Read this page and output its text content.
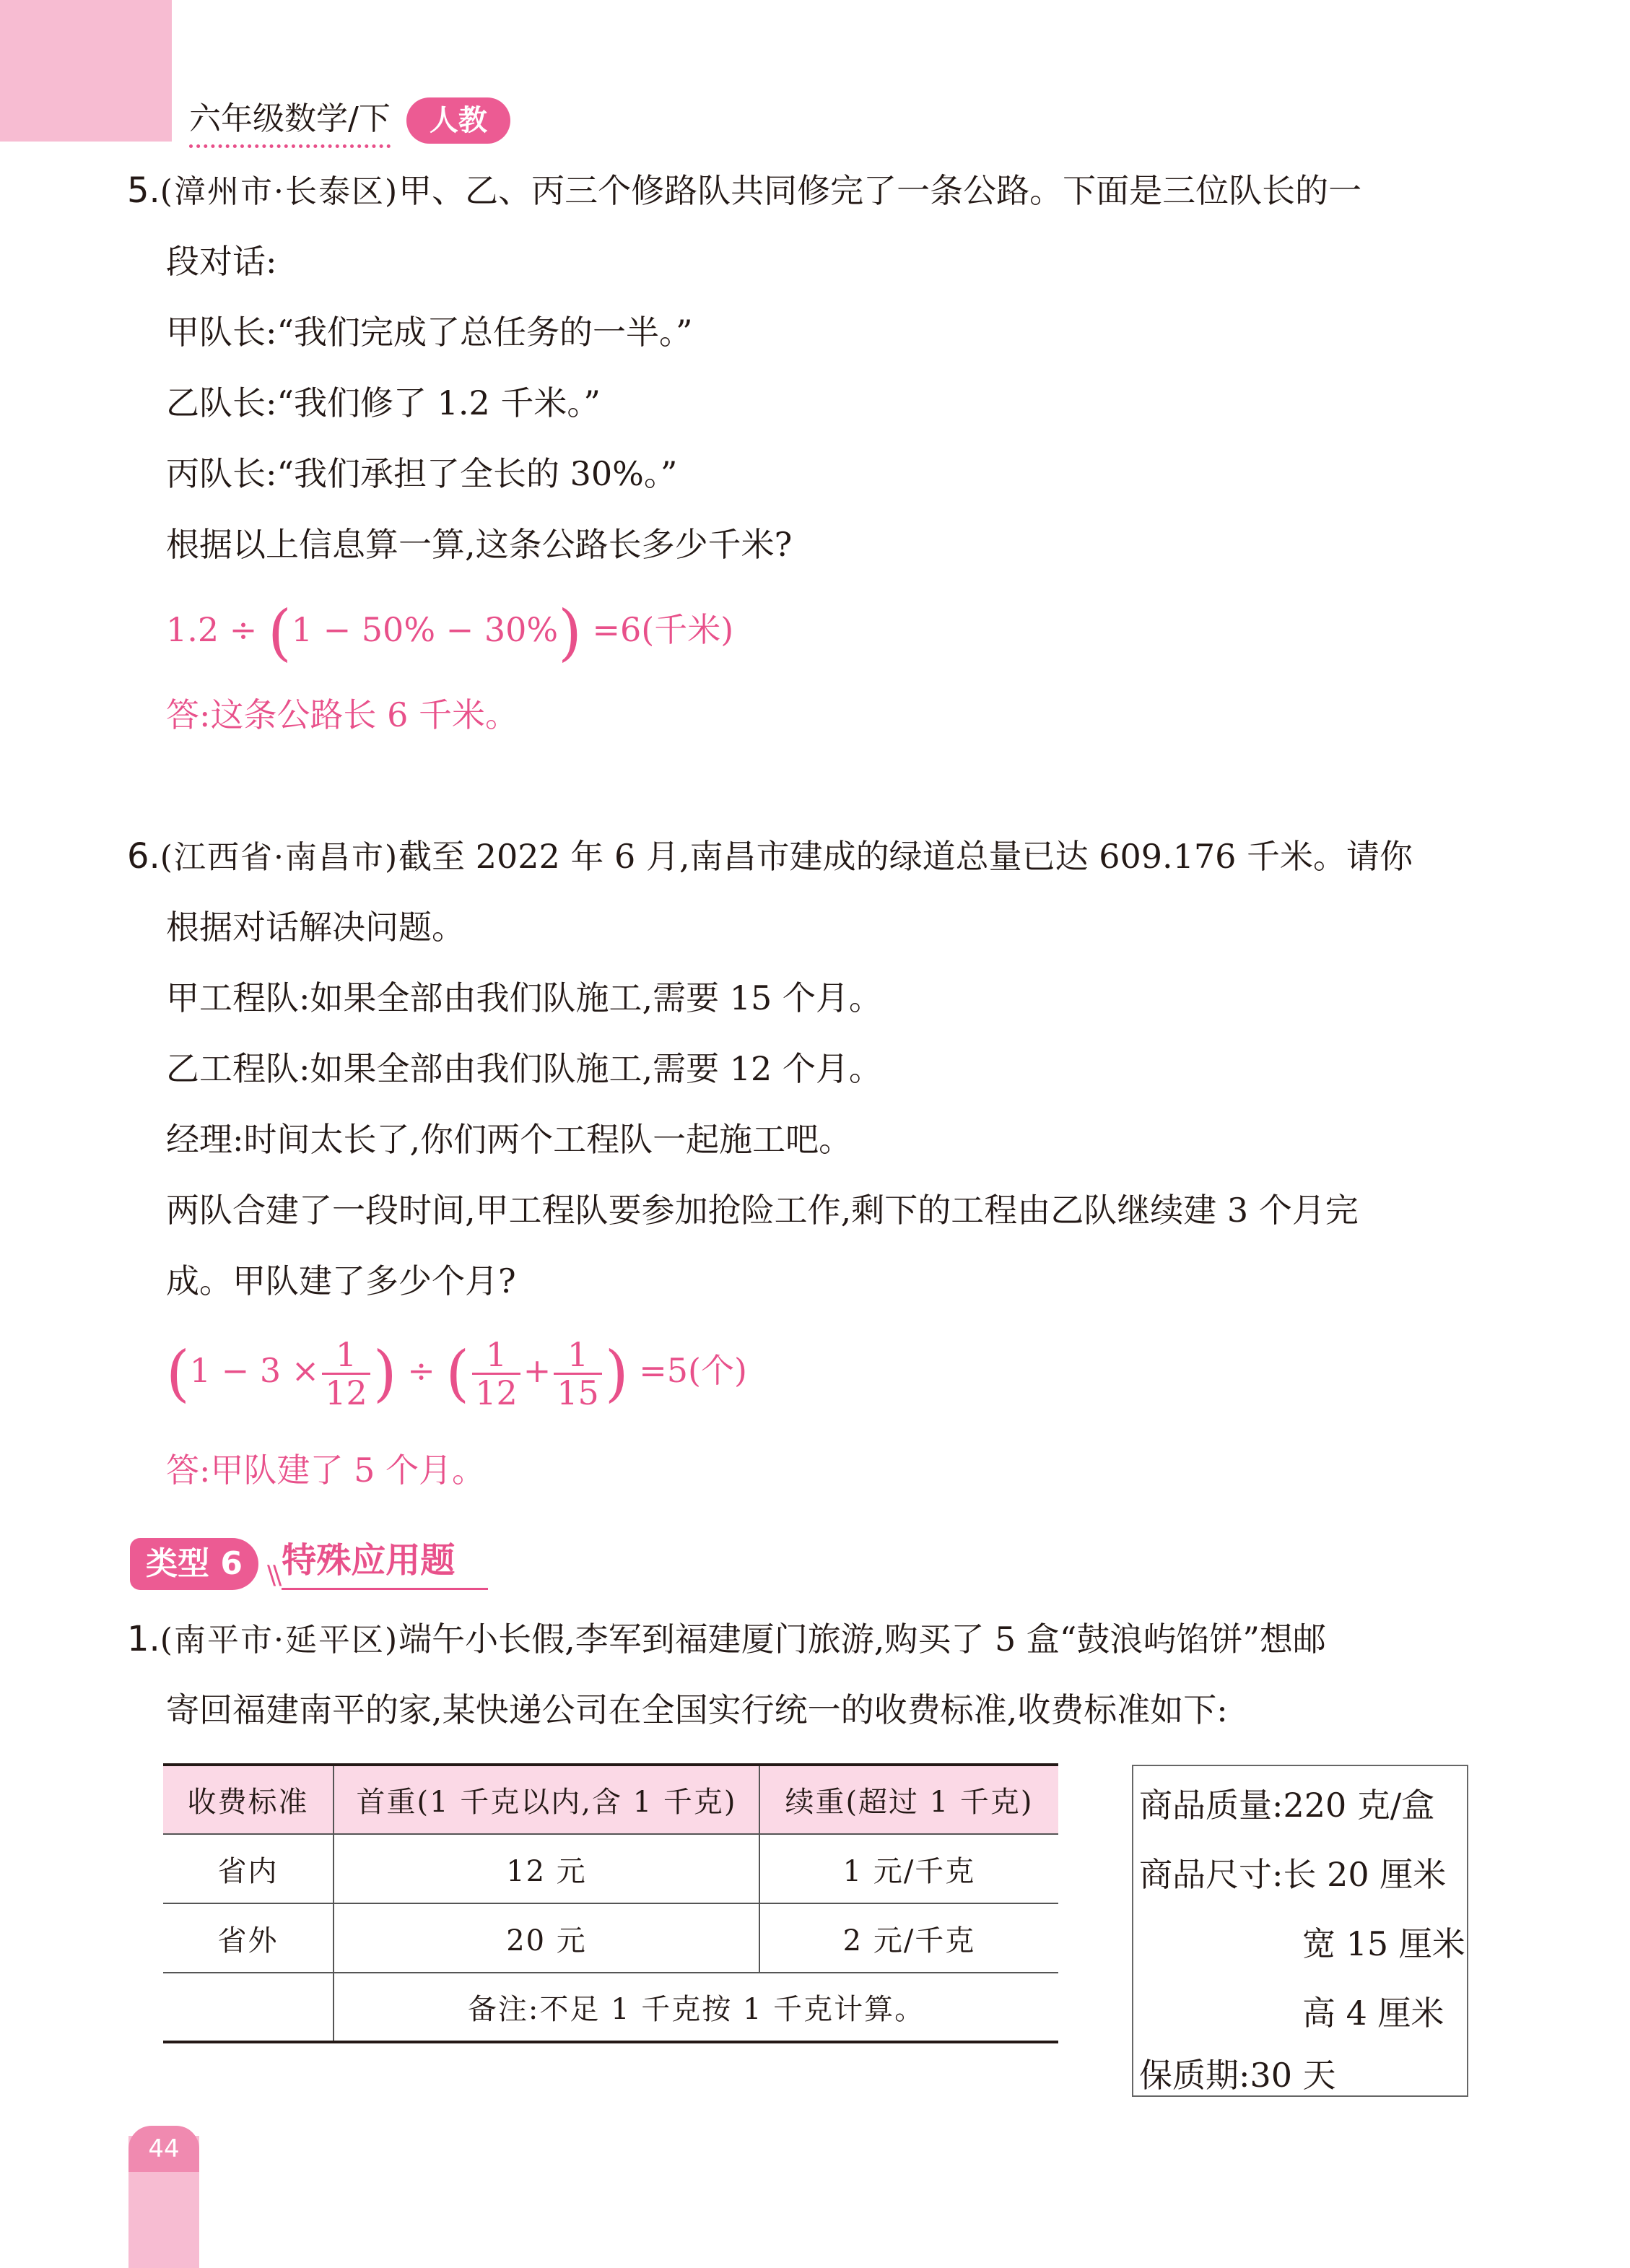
六年级数学/下	人教
5.(漳州市·长泰区)甲、乙、丙三个修路队共同修完了一条公路。下面是三位队长的一
段对话:
甲队长:“我们完成了总任务的一半。”
乙队长:“我们修了 1.2 千米。”
丙队长:“我们承担了全长的 30%。”
根据以上信息算一算,这条公路长多少千米?
1.2 ÷ (1 − 50% − 30%) =6(千米)
答:这条公路长 6 千米。
6.(江西省·南昌市)截至 2022 年 6 月,南昌市建成的绿道总量已达 609.176 千米。请你
根据对话解决问题。
甲工程队:如果全部由我们队施工,需要 15 个月。
乙工程队:如果全部由我们队施工,需要 12 个月。
经理:时间太长了,你们两个工程队一起施工吧。
两队合建了一段时间,甲工程队要参加抢险工作,剩下的工程由乙队继续建 3 个月完
成。甲队建了多少个月?
($1 - 3 \times \frac{1}{12}$ ) ÷ ( $\frac{1}{12} + \frac{1}{15}$ ) =5(个)
答:甲队建了 5 个月。
类型 6 \\ 特殊应用题
1.(南平市·延平区)端午小长假,李军到福建厦门旅游,购买了 5 盒“鼓浪屿馅饼”想邮
寄回福建南平的家,某快递公司在全国实行统一的收费标准,收费标准如下:
收费标准	首重(1 千克以内,含 1 千克)	续重(超过 1 千克)
省内	12 元	1 元/千克
省外	20 元	2 元/千克
	备注:不足 1 千克按 1 千克计算。	
商品质量:220 克/盒
商品尺寸:长 20 厘米
宽 15 厘米
高 4 厘米
保质期:30 天
44
